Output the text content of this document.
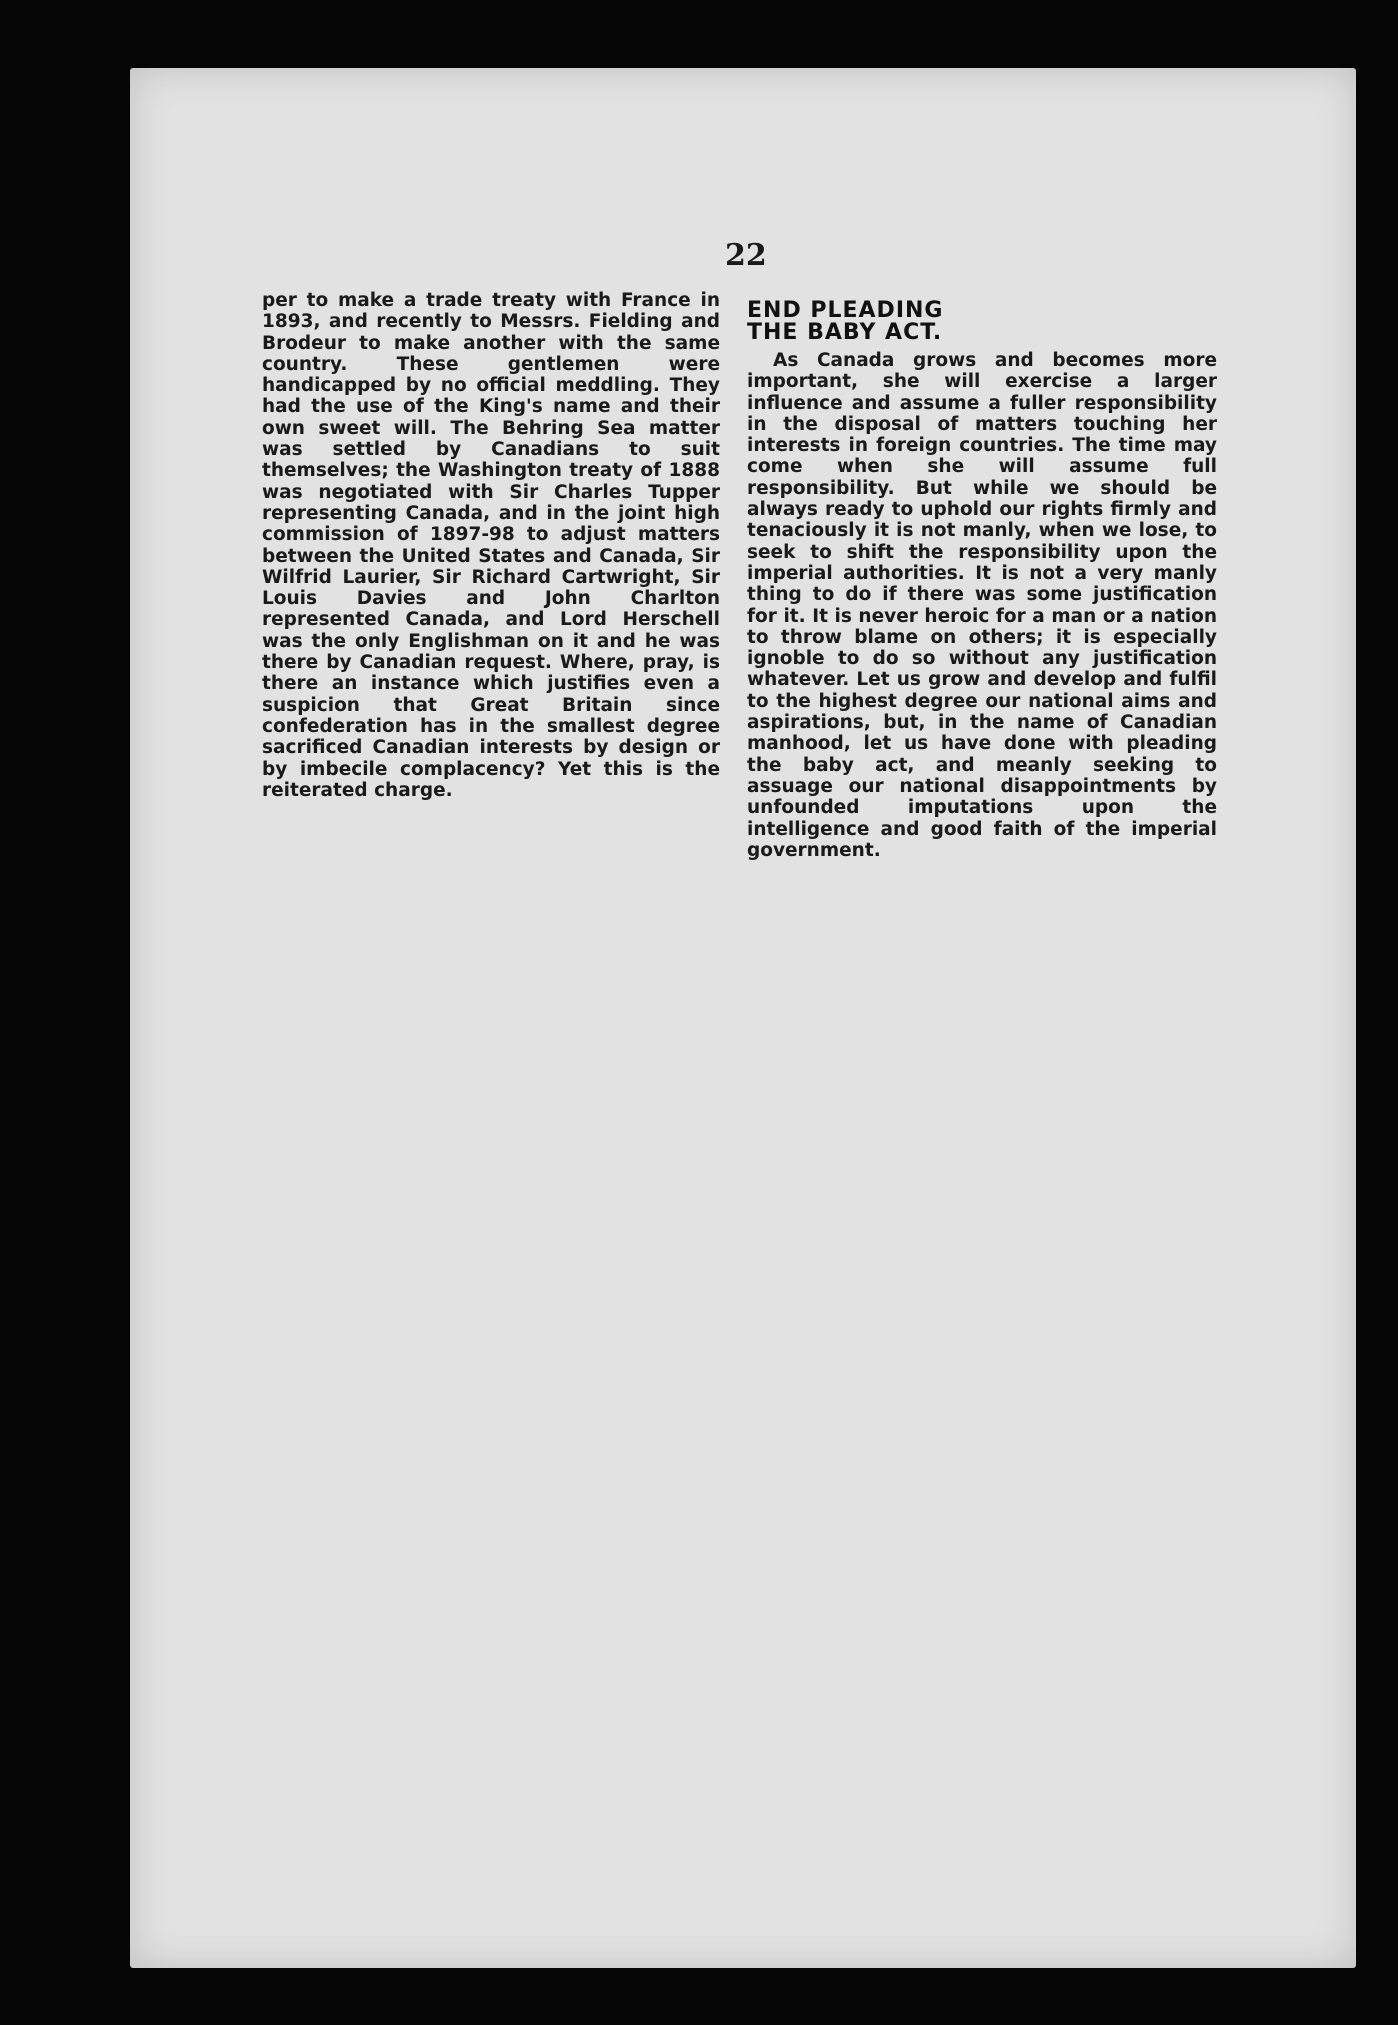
22

per to make a trade treaty with France in 1893, and recently to Messrs. Fielding and Brodeur to make another with the same country. These gentlemen were handicapped by no official meddling. They had the use of the King's name and their own sweet will. The Behring Sea matter was settled by Canadians to suit themselves; the Washington treaty of 1888 was negotiated with Sir Charles Tupper representing Canada, and in the joint high commission of 1897-98 to adjust matters between the United States and Canada, Sir Wilfrid Laurier, Sir Richard Cartwright, Sir Louis Davies and John Charlton represented Canada, and Lord Herschell was the only Englishman on it and he was there by Canadian request. Where, pray, is there an instance which justifies even a suspicion that Great Britain since confederation has in the smallest degree sacrificed Canadian interests by design or by imbecile complacency? Yet this is the reiterated charge.

END PLEADING
THE BABY ACT.

As Canada grows and becomes more important, she will exercise a larger influence and assume a fuller responsibility in the disposal of matters touching her interests in foreign countries. The time may come when she will assume full responsibility. But while we should be always ready to uphold our rights firmly and tenaciously it is not manly, when we lose, to seek to shift the responsibility upon the imperial authorities. It is not a very manly thing to do if there was some justification for it. It is never heroic for a man or a nation to throw blame on others; it is especially ignoble to do so without any justification whatever. Let us grow and develop and fulfil to the highest degree our national aims and aspirations, but, in the name of Canadian manhood, let us have done with pleading the baby act, and meanly seeking to assuage our national disappointments by unfounded imputations upon the intelligence and good faith of the imperial government.
